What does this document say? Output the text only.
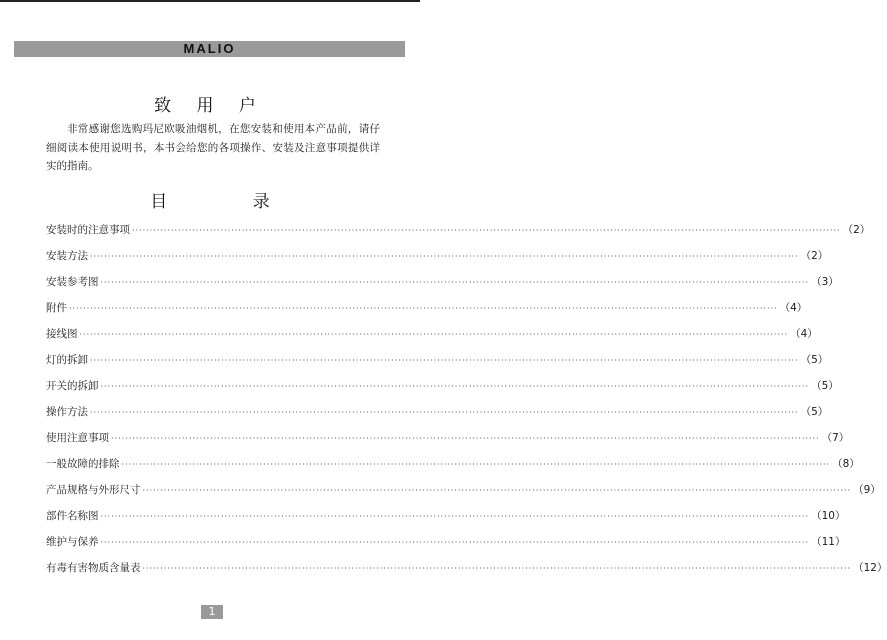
MALIO
致 用 户
非常感谢您选购玛尼欧吸油烟机，在您安装和使用本产品前，请仔细阅读本使用说明书，本书会给您的各项操作、安装及注意事项提供详实的指南。
目 录
安装时的注意事项 ········································································································································································································ （2）
安装方法 ········································································································································································································ （2）
安装参考图 ········································································································································································································ （3）
附件 ········································································································································································································ （4）
接线图 ········································································································································································································ （4）
灯的拆卸 ········································································································································································································ （5）
开关的拆卸 ········································································································································································································ （5）
操作方法 ········································································································································································································ （5）
使用注意事项 ········································································································································································································ （7）
一般故障的排除 ········································································································································································································ （8）
产品规格与外形尺寸 ········································································································································································································ （9）
部件名称图 ········································································································································································································ （10）
维护与保养 ········································································································································································································ （11）
有毒有害物质含量表 ········································································································································································································ （12）
1
